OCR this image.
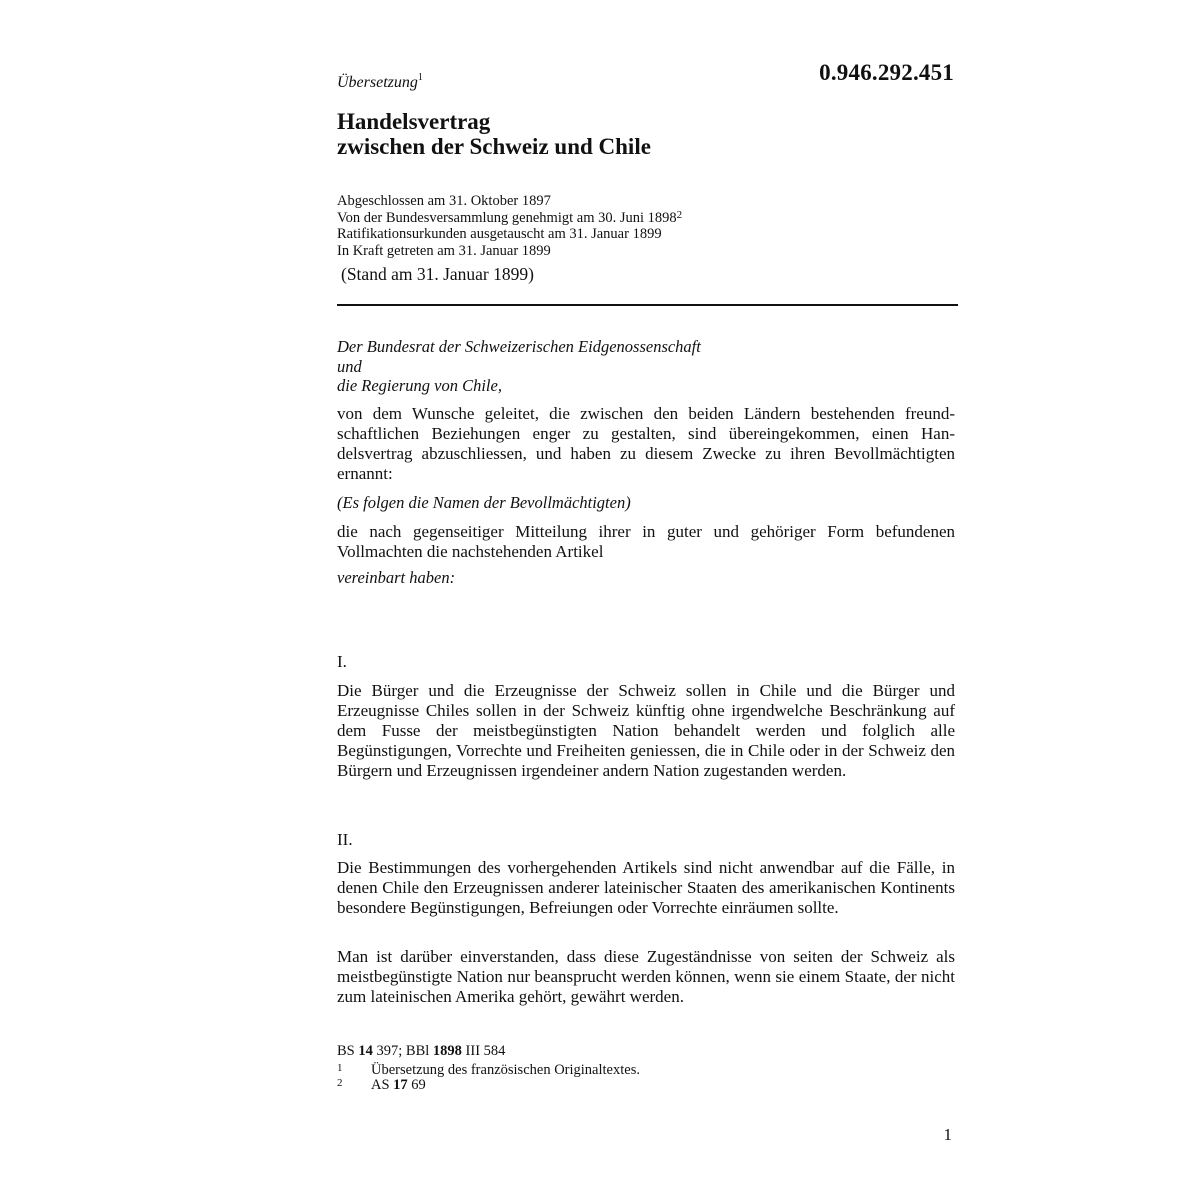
Übersetzung$^1$	0.946.292.451
Handelsvertrag
zwischen der Schweiz und Chile
Abgeschlossen am 31. Oktober 1897
Von der Bundesversammlung genehmigt am 30. Juni 1898$^2$
Ratifikationsurkunden ausgetauscht am 31. Januar 1899
In Kraft getreten am 31. Januar 1899
(Stand am 31. Januar 1899)
Der Bundesrat der Schweizerischen Eidgenossenschaft
und
die Regierung von Chile,
von dem Wunsche geleitet, die zwischen den beiden Ländern bestehenden freundschaftlichen Beziehungen enger zu gestalten, sind übereingekommen, einen Handelsvertrag abzuschliessen, und haben zu diesem Zwecke zu ihren Bevollmächtigten ernannt:
(Es folgen die Namen der Bevollmächtigten)
die nach gegenseitiger Mitteilung ihrer in guter und gehöriger Form befundenen Vollmachten die nachstehenden Artikel
vereinbart haben:
I.
Die Bürger und die Erzeugnisse der Schweiz sollen in Chile und die Bürger und Erzeugnisse Chiles sollen in der Schweiz künftig ohne irgendwelche Beschränkung auf dem Fusse der meistbegünstigten Nation behandelt werden und folglich alle Begünstigungen, Vorrechte und Freiheiten geniessen, die in Chile oder in der Schweiz den Bürgern und Erzeugnissen irgendeiner andern Nation zugestanden werden.
II.
Die Bestimmungen des vorhergehenden Artikels sind nicht anwendbar auf die Fälle, in denen Chile den Erzeugnissen anderer lateinischer Staaten des amerikanischen Kontinents besondere Begünstigungen, Befreiungen oder Vorrechte einräumen sollte.
Man ist darüber einverstanden, dass diese Zugeständnisse von seiten der Schweiz als meistbegünstigte Nation nur beansprucht werden können, wenn sie einem Staate, der nicht zum lateinischen Amerika gehört, gewährt werden.
BS 14 397; BBl 1898 III 584
1 Übersetzung des französischen Originaltextes.
2 AS 17 69
1
